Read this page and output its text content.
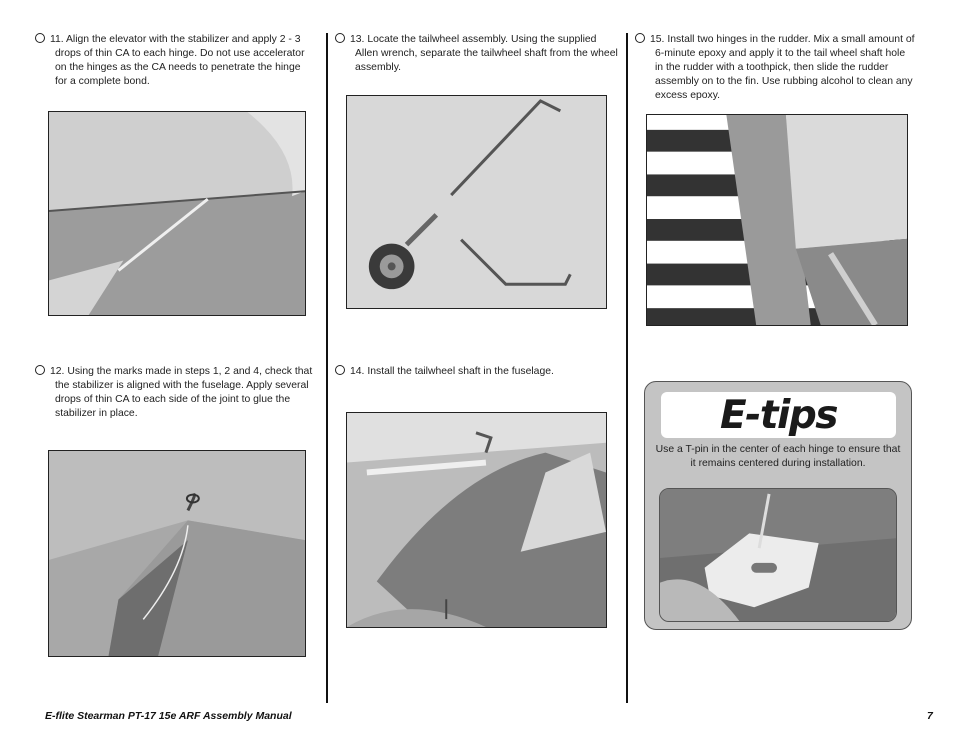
11. Align the elevator with the stabilizer and apply 2 - 3 drops of thin CA to each hinge. Do not use accelerator on the hinges as the CA needs to penetrate the hinge for a complete bond.
12. Using the marks made in steps 1, 2 and 4, check that the stabilizer is aligned with the fuselage. Apply several drops of thin CA to each side of the joint to glue the stabilizer in place.
13. Locate the tailwheel assembly. Using the supplied Allen wrench, separate the tailwheel shaft from the wheel assembly.
14. Install the tailwheel shaft in the fuselage.
15. Install two hinges in the rudder. Mix a small amount of 6-minute epoxy and apply it to the tail wheel shaft hole in the rudder with a toothpick, then slide the rudder assembly on to the fin. Use rubbing alcohol to clean any excess epoxy.
E-tips
Use a T-pin in the center of each hinge to ensure that it remains centered during installation.
E-flite Stearman PT-17 15e ARF Assembly Manual	7
